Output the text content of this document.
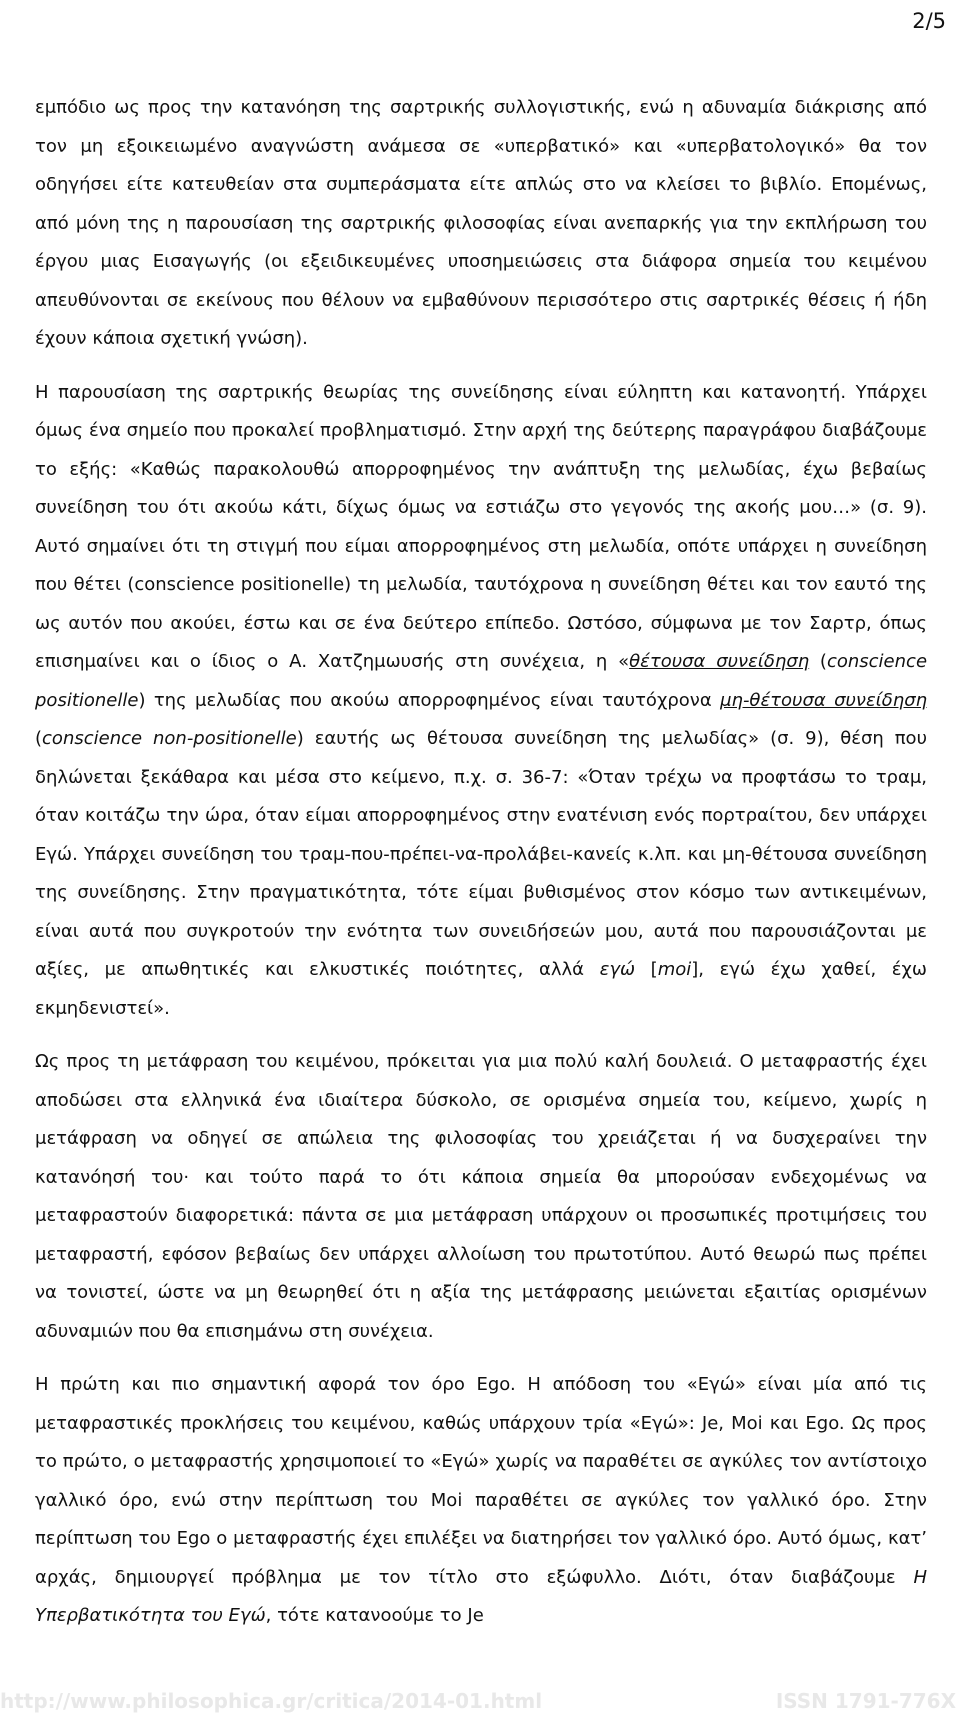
2/5

εμπόδιο ως προς την κατανόηση της σαρτρικής συλλογιστικής, ενώ η αδυναμία διάκρισης από τον μη εξοικειωμένο αναγνώστη ανάμεσα σε «υπερβατικό» και «υπερβατολογικό» θα τον οδηγήσει είτε κατευθείαν στα συμπεράσματα είτε απλώς στο να κλείσει το βιβλίο. Επομένως, από μόνη της η παρουσίαση της σαρτρικής φιλοσοφίας είναι ανεπαρκής για την εκπλήρωση του έργου μιας Εισαγωγής (οι εξειδικευμένες υποσημειώσεις στα διάφορα σημεία του κειμένου απευθύνονται σε εκείνους που θέλουν να εμβαθύνουν περισσότερο στις σαρτρικές θέσεις ή ήδη έχουν κάποια σχετική γνώση).

Η παρουσίαση της σαρτρικής θεωρίας της συνείδησης είναι εύληπτη και κατανοητή. Υπάρχει όμως ένα σημείο που προκαλεί προβληματισμό. Στην αρχή της δεύτερης παραγράφου διαβάζουμε το εξής: «Καθώς παρακολουθώ απορροφημένος την ανάπτυξη της μελωδίας, έχω βεβαίως συνείδηση του ότι ακούω κάτι, δίχως όμως να εστιάζω στο γεγονός της ακοής μου…» (σ. 9). Αυτό σημαίνει ότι τη στιγμή που είμαι απορροφημένος στη μελωδία, οπότε υπάρχει η συνείδηση που θέτει (conscience positionelle) τη μελωδία, ταυτόχρονα η συνείδηση θέτει και τον εαυτό της ως αυτόν που ακούει, έστω και σε ένα δεύτερο επίπεδο. Ωστόσο, σύμφωνα με τον Σαρτρ, όπως επισημαίνει και ο ίδιος ο Α. Χατζημωυσής στη συνέχεια, η «θέτουσα συνείδηση (conscience positionelle) της μελωδίας που ακούω απορροφημένος είναι ταυτόχρονα μη-θέτουσα συνείδηση (conscience non-positionelle) εαυτής ως θέτουσα συνείδηση της μελωδίας» (σ. 9), θέση που δηλώνεται ξεκάθαρα και μέσα στο κείμενο, π.χ. σ. 36-7: «Όταν τρέχω να προφτάσω το τραμ, όταν κοιτάζω την ώρα, όταν είμαι απορροφημένος στην ενατένιση ενός πορτραίτου, δεν υπάρχει Εγώ. Υπάρχει συνείδηση του τραμ-που-πρέπει-να-προλάβει-κανείς κ.λπ. και μη-θέτουσα συνείδηση της συνείδησης. Στην πραγματικότητα, τότε είμαι βυθισμένος στον κόσμο των αντικειμένων, είναι αυτά που συγκροτούν την ενότητα των συνειδήσεών μου, αυτά που παρουσιάζονται με αξίες, με απωθητικές και ελκυστικές ποιότητες, αλλά εγώ [moi], εγώ έχω χαθεί, έχω εκμηδενιστεί».

Ως προς τη μετάφραση του κειμένου, πρόκειται για μια πολύ καλή δουλειά. Ο μεταφραστής έχει αποδώσει στα ελληνικά ένα ιδιαίτερα δύσκολο, σε ορισμένα σημεία του, κείμενο, χωρίς η μετάφραση να οδηγεί σε απώλεια της φιλοσοφίας του χρειάζεται ή να δυσχεραίνει την κατανόησή του· και τούτο παρά το ότι κάποια σημεία θα μπορούσαν ενδεχομένως να μεταφραστούν διαφορετικά: πάντα σε μια μετάφραση υπάρχουν οι προσωπικές προτιμήσεις του μεταφραστή, εφόσον βεβαίως δεν υπάρχει αλλοίωση του πρωτοτύπου. Αυτό θεωρώ πως πρέπει να τονιστεί, ώστε να μη θεωρηθεί ότι η αξία της μετάφρασης μειώνεται εξαιτίας ορισμένων αδυναμιών που θα επισημάνω στη συνέχεια.

Η πρώτη και πιο σημαντική αφορά τον όρο Ego. Η απόδοση του «Εγώ» είναι μία από τις μεταφραστικές προκλήσεις του κειμένου, καθώς υπάρχουν τρία «Εγώ»: Je, Moi και Ego. Ως προς το πρώτο, ο μεταφραστής χρησιμοποιεί το «Εγώ» χωρίς να παραθέτει σε αγκύλες τον αντίστοιχο γαλλικό όρο, ενώ στην περίπτωση του Moi παραθέτει σε αγκύλες τον γαλλικό όρο. Στην περίπτωση του Ego ο μεταφραστής έχει επιλέξει να διατηρήσει τον γαλλικό όρο. Αυτό όμως, κατ’ αρχάς, δημιουργεί πρόβλημα με τον τίτλο στο εξώφυλλο. Διότι, όταν διαβάζουμε Η Υπερβατικότητα του Εγώ, τότε κατανοούμε το Je

http://www.philosophica.gr/critica/2014-01.html	ISSN 1791-776X
